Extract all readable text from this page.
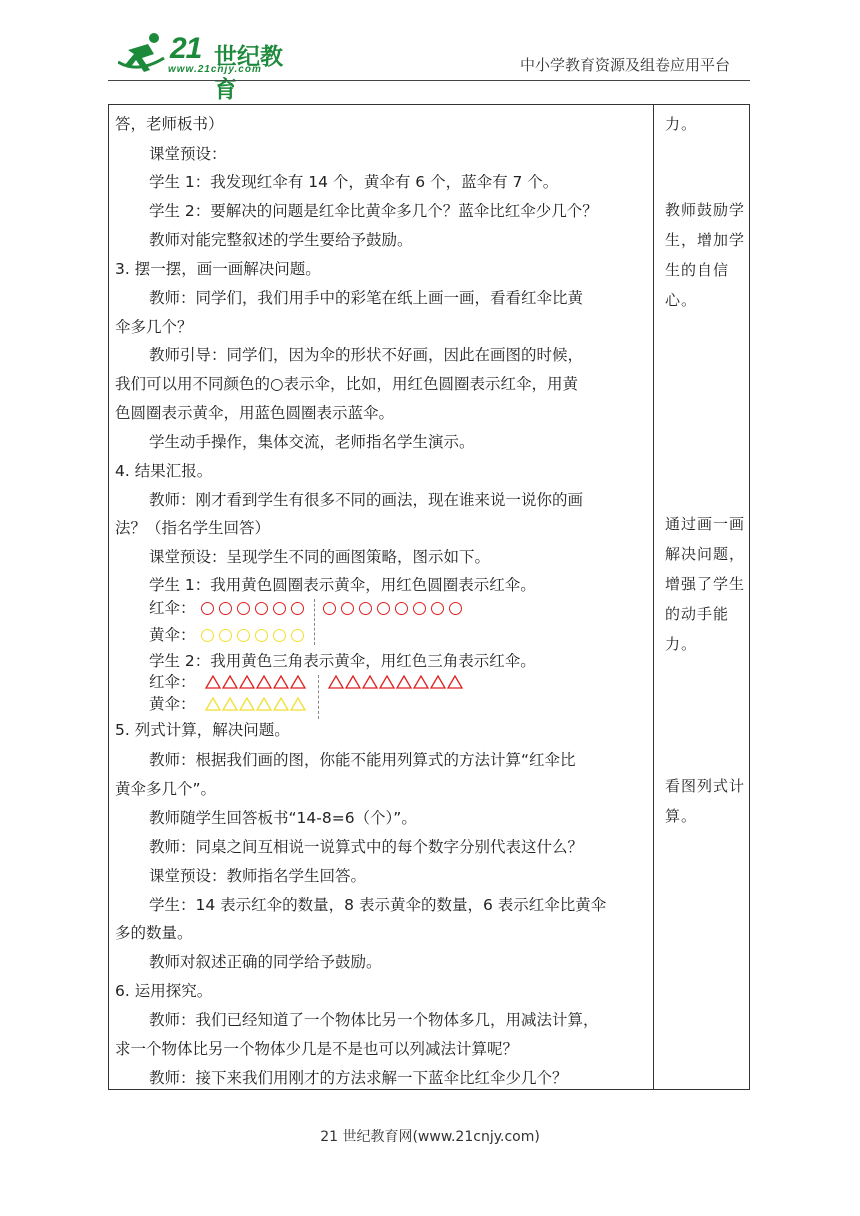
21 世纪教育
www.21cnjy.com	中小学教育资源及组卷应用平台
答，老师板书）
课堂预设：
学生 1：我发现红伞有 14 个，黄伞有 6 个，蓝伞有 7 个。
学生 2：要解决的问题是红伞比黄伞多几个？蓝伞比红伞少几个？
教师对能完整叙述的学生要给予鼓励。
3. 摆一摆，画一画解决问题。
教师：同学们，我们用手中的彩笔在纸上画一画，看看红伞比黄
伞多几个？
教师引导：同学们，因为伞的形状不好画，因此在画图的时候，
我们可以用不同颜色的○表示伞，比如，用红色圆圈表示红伞，用黄
色圆圈表示黄伞，用蓝色圆圈表示蓝伞。
学生动手操作，集体交流，老师指名学生演示。
4. 结果汇报。
教师：刚才看到学生有很多不同的画法，现在谁来说一说你的画
法？（指名学生回答）
课堂预设：呈现学生不同的画图策略，图示如下。
学生 1：我用黄色圆圈表示黄伞，用红色圆圈表示红伞。
红伞：
黄伞：
学生 2：我用黄色三角表示黄伞，用红色三角表示红伞。
红伞：
黄伞：
5. 列式计算，解决问题。
教师：根据我们画的图，你能不能用列算式的方法计算“红伞比
黄伞多几个”。
教师随学生回答板书“14-8=6（个）”。
教师：同桌之间互相说一说算式中的每个数字分别代表这什么？
课堂预设：教师指名学生回答。
学生：14 表示红伞的数量，8 表示黄伞的数量，6 表示红伞比黄伞
多的数量。
教师对叙述正确的同学给予鼓励。
6. 运用探究。
教师：我们已经知道了一个物体比另一个物体多几，用减法计算，
求一个物体比另一个物体少几是不是也可以列减法计算呢？
教师：接下来我们用刚才的方法求解一下蓝伞比红伞少几个？
力。
教师鼓励学生，增加学生的自信心。
通过画一画解决问题，增强了学生的动手能力。
看图列式计算。
21 世纪教育网(www.21cnjy.com)
